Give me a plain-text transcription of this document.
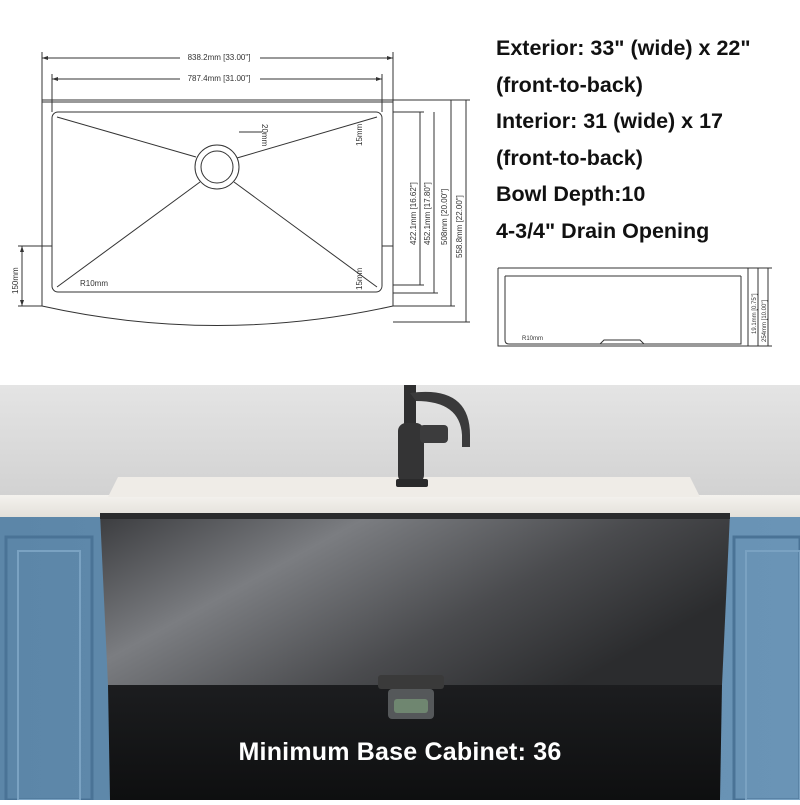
838.2mm [33.00"]
787.4mm [31.00"]
20mm	15mm
15mm
R10mm
150mm
422.1mm [16.62"] 452.1mm [17.80"] 508mm [20.00"] 558.8mm [22.00"]
R10mm
19.1mm [0.75"] 254mm [10.00"]
Exterior: 33" (wide) x 22"
(front-to-back)
Interior: 31 (wide) x 17
(front-to-back)
Bowl Depth:10
4-3/4" Drain Opening
Minimum Base Cabinet: 36
